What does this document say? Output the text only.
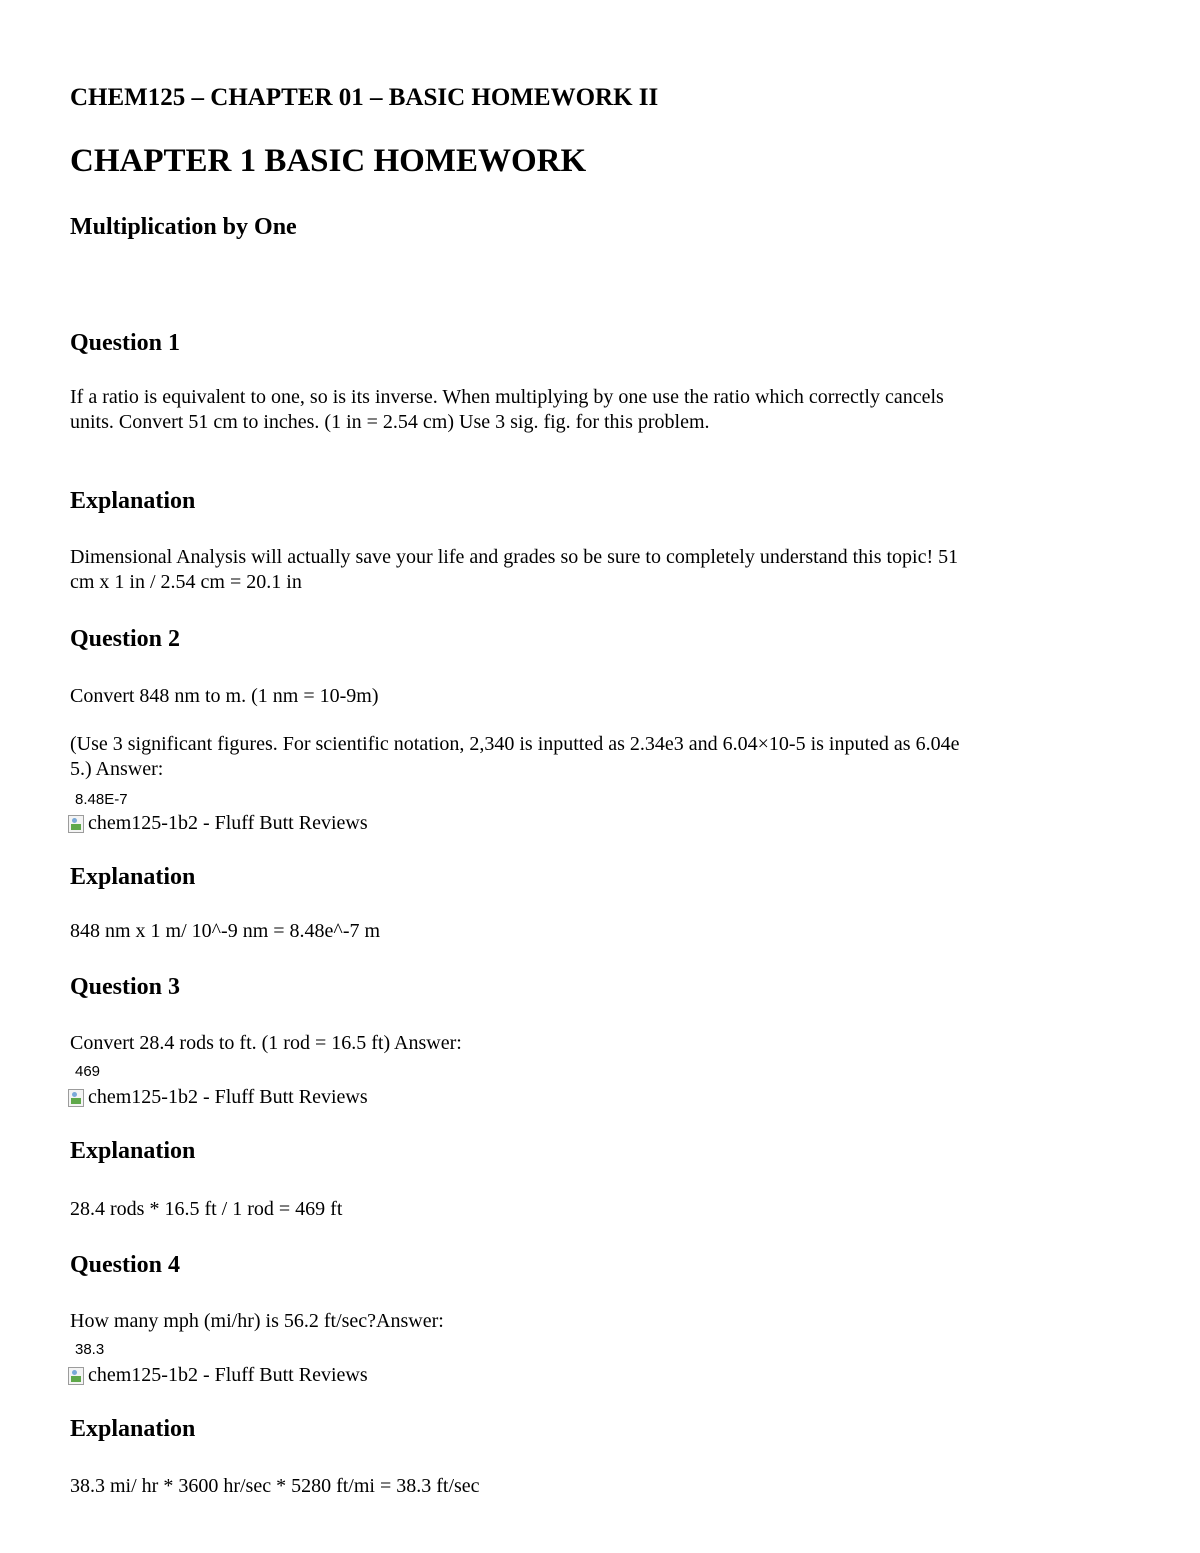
CHEM125 – CHAPTER 01 – BASIC HOMEWORK II
CHAPTER 1 BASIC HOMEWORK
Multiplication by One
Question 1
If a ratio is equivalent to one, so is its inverse. When multiplying by one use the ratio which correctly cancels
units. Convert 51 cm to inches. (1 in = 2.54 cm) Use 3 sig. fig. for this problem.
Explanation
Dimensional Analysis will actually save your life and grades so be sure to completely understand this topic! 51
cm x 1 in / 2.54 cm = 20.1 in
Question 2
Convert 848 nm to m. (1 nm = 10-9m)
(Use 3 significant figures. For scientific notation, 2,340 is inputted as 2.34e3 and 6.04×10-5 is inputed as 6.04e
5.) Answer:
8.48E-7
chem125-1b2 - Fluff Butt Reviews
Explanation
848 nm x 1 m/ 10^-9 nm = 8.48e^-7 m
Question 3
Convert 28.4 rods to ft. (1 rod = 16.5 ft) Answer:
469
chem125-1b2 - Fluff Butt Reviews
Explanation
28.4 rods * 16.5 ft / 1 rod = 469 ft
Question 4
How many mph (mi/hr) is 56.2 ft/sec?Answer:
38.3
chem125-1b2 - Fluff Butt Reviews
Explanation
38.3 mi/ hr * 3600 hr/sec * 5280 ft/mi = 38.3 ft/sec
